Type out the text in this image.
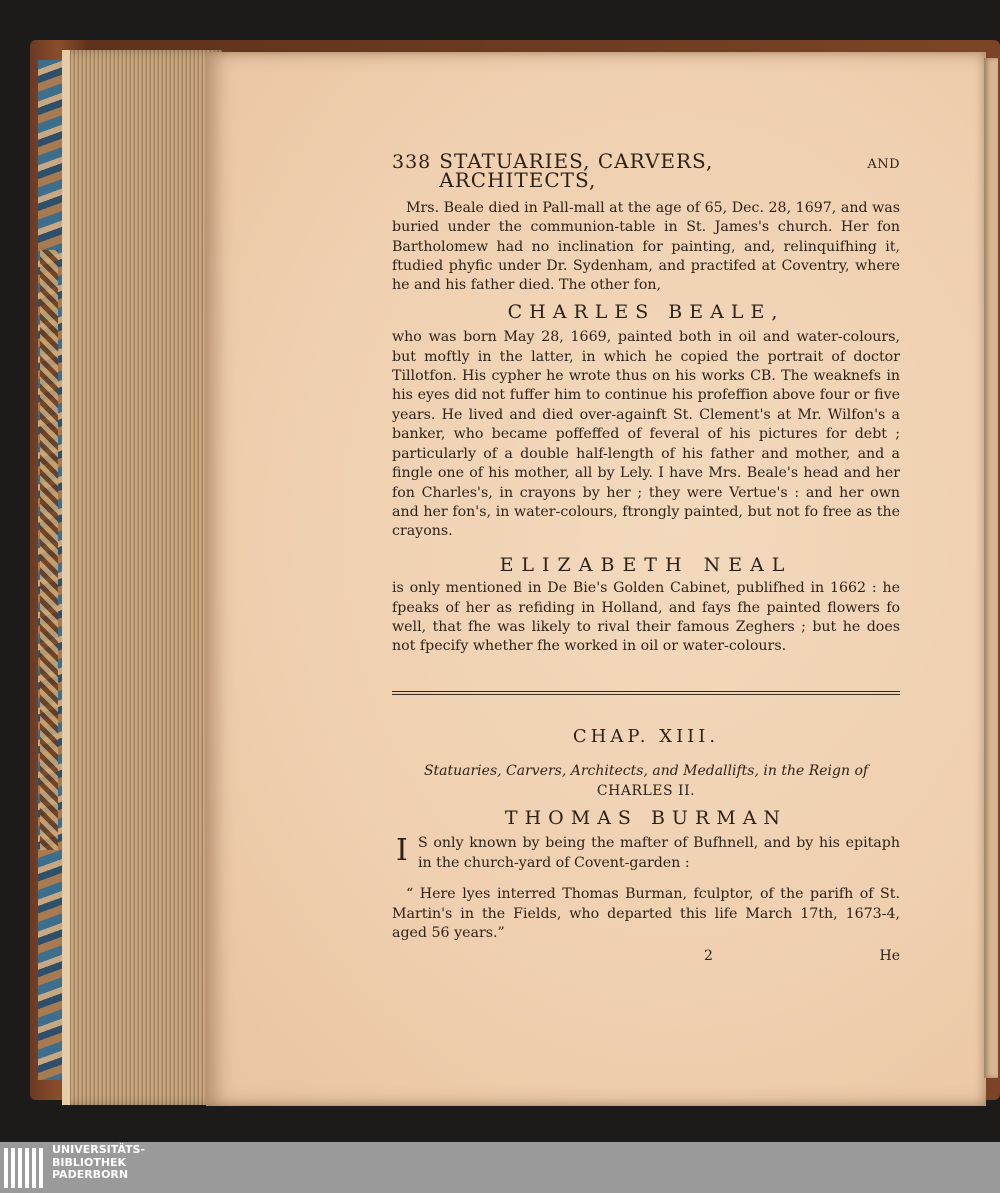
338 STATUARIES, CARVERS, ARCHITECTS,
AND

Mrs. Beale died in Pall-mall at the age of 65, Dec. 28, 1697, and was buried under the communion-table in St. James's church. Her fon Bartholomew had no inclination for painting, and, relinquifhing it, ftudied phyfic under Dr. Sydenham, and practifed at Coventry, where he and his father died. The other fon,

CHARLES BEALE,

who was born May 28, 1669, painted both in oil and water-colours, but moftly in the latter, in which he copied the portrait of doctor Tillotfon. His cypher he wrote thus on his works CB. The weaknefs in his eyes did not fuffer him to continue his profeffion above four or five years. He lived and died over-againft St. Clement's at Mr. Wilfon's a banker, who became poffeffed of feveral of his pictures for debt ; particularly of a double half-length of his father and mother, and a fingle one of his mother, all by Lely. I have Mrs. Beale's head and her fon Charles's, in crayons by her ; they were Vertue's : and her own and her fon's, in water-colours, ftrongly painted, but not fo free as the crayons.

ELIZABETH NEAL

is only mentioned in De Bie's Golden Cabinet, publifhed in 1662 : he fpeaks of her as refiding in Holland, and fays fhe painted flowers fo well, that fhe was likely to rival their famous Zeghers ; but he does not fpecify whether fhe worked in oil or water-colours.

CHAP. XIII.
Statuaries, Carvers, Architects, and Medallifts, in the Reign of CHARLES II.
THOMAS BURMAN
I S only known by being the mafter of Bufhnell, and by his epitaph in the church-yard of Covent-garden :

“ Here lyes interred Thomas Burman, fculptor, of the parifh of St. Martin's in the Fields, who departed this life March 17th, 1673-4, aged 56 years.”

2	He
UNIVERSITÄTS-
BIBLIOTHEK
PADERBORN
